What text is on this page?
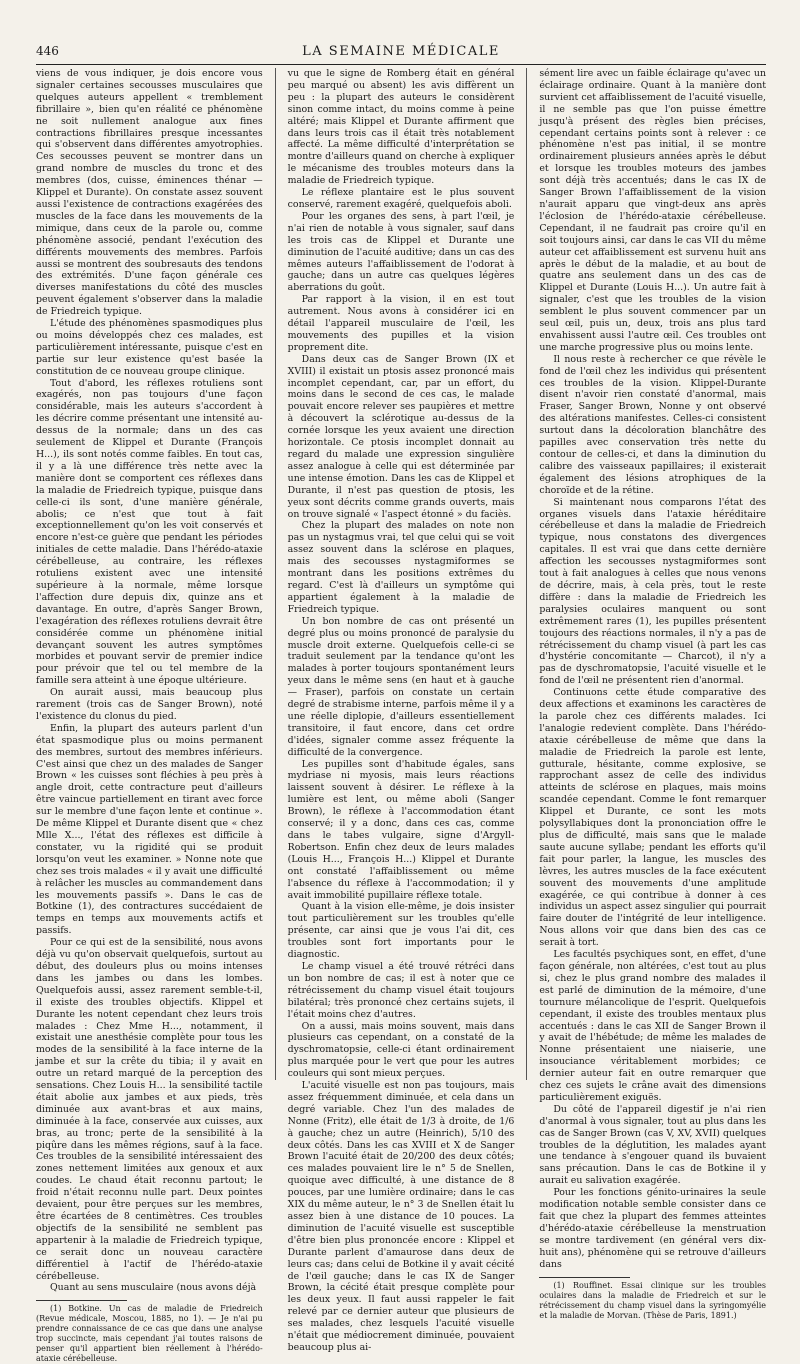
446	LA SEMAINE MÉDICALE

viens de vous indiquer, je dois encore vous signaler certaines secousses musculaires que quelques auteurs appellent « tremblement fibrillaire », bien qu'en réalité ce phénomène ne soit nullement analogue aux fines contractions fibrillaires presque incessantes qui s'observent dans différentes amyotrophies. Ces secousses peuvent se montrer dans un grand nombre de muscles du tronc et des membres (dos, cuisse, éminences thénar — Klippel et Durante). On constate assez souvent aussi l'existence de contractions exagérées des muscles de la face dans les mouvements de la mimique, dans ceux de la parole ou, comme phénomène associé, pendant l'exécution des différents mouvements des membres. Parfois aussi se montrent des soubresauts des tendons des extrémités. D'une façon générale ces diverses manifestations du côté des muscles peuvent également s'observer dans la maladie de Friedreich typique.

L'étude des phénomènes spasmodiques plus ou moins développés chez ces malades, est particulièrement intéressante, puisque c'est en partie sur leur existence qu'est basée la constitution de ce nouveau groupe clinique.

Tout d'abord, les réflexes rotuliens sont exagérés, non pas toujours d'une façon considérable, mais les auteurs s'accordent à les décrire comme présentant une intensité au-dessus de la normale; dans un des cas seulement de Klippel et Durante (François H...), ils sont notés comme faibles. En tout cas, il y a là une différence très nette avec la manière dont se comportent ces réflexes dans la maladie de Friedreich typique, puisque dans celle-ci ils sont, d'une manière générale, abolis; ce n'est que tout à fait exceptionnellement qu'on les voit conservés et encore n'est-ce guère que pendant les périodes initiales de cette maladie. Dans l'hérédo-ataxie cérébelleuse, au contraire, les réflexes rotuliens existent avec une intensité supérieure à la normale, même lorsque l'affection dure depuis dix, quinze ans et davantage. En outre, d'après Sanger Brown, l'exagération des réflexes rotuliens devrait être considérée comme un phénomène initial devançant souvent les autres symptômes morbides et pouvant servir de premier indice pour prévoir que tel ou tel membre de la famille sera atteint à une époque ultérieure.

On aurait aussi, mais beaucoup plus rarement (trois cas de Sanger Brown), noté l'existence du clonus du pied.

Enfin, la plupart des auteurs parlent d'un état spasmodique plus ou moins permanent des membres, surtout des membres inférieurs. C'est ainsi que chez un des malades de Sanger Brown « les cuisses sont fléchies à peu près à angle droit, cette contracture peut d'ailleurs être vaincue partiellement en tirant avec force sur le membre d'une façon lente et continue ». De même Klippel et Durante disent que « chez Mlle X..., l'état des réflexes est difficile à constater, vu la rigidité qui se produit lorsqu'on veut les examiner. » Nonne note que chez ses trois malades « il y avait une difficulté à relâcher les muscles au commandement dans les mouvements passifs ». Dans le cas de Botkine (1), des contractures succédaient de temps en temps aux mouvements actifs et passifs.

Pour ce qui est de la sensibilité, nous avons déjà vu qu'on observait quelquefois, surtout au début, des douleurs plus ou moins intenses dans les jambes ou dans les lombes. Quelquefois aussi, assez rarement semble-t-il, il existe des troubles objectifs. Klippel et Durante les notent cependant chez leurs trois malades : Chez Mme H..., notamment, il existait une anesthésie complète pour tous les modes de la sensibilité à la face interne de la jambe et sur la crête du tibia; il y avait en outre un retard marqué de la perception des sensations. Chez Louis H... la sensibilité tactile était abolie aux jambes et aux pieds, très diminuée aux avant-bras et aux mains, diminuée à la face, conservée aux cuisses, aux bras, au tronc; perte de la sensibilité à la piqûre dans les mêmes régions, sauf à la face. Ces troubles de la sensibilité intéressaient des zones nettement limitées aux genoux et aux coudes. Le chaud était reconnu partout; le froid n'était reconnu nulle part. Deux pointes devaient, pour être perçues sur les membres, être écartées de 8 centimètres. Ces troubles objectifs de la sensibilité ne semblent pas appartenir à la maladie de Friedreich typique, ce serait donc un nouveau caractère différentiel à l'actif de l'hérédo-ataxie cérébelleuse.

Quant au sens musculaire (nous avons déjà

(1) Botkine. Un cas de maladie de Friedreich (Revue médicale, Moscou, 1885, no 1). — Je n'ai pu prendre connaissance de ce cas que dans une analyse trop succincte, mais cependant j'ai toutes raisons de penser qu'il appartient bien réellement à l'hérédo-ataxie cérébelleuse.

vu que le signe de Romberg était en général peu marqué ou absent) les avis diffèrent un peu : la plupart des auteurs le considèrent sinon comme intact, du moins comme à peine altéré; mais Klippel et Durante affirment que dans leurs trois cas il était très notablement affecté. La même difficulté d'interprétation se montre d'ailleurs quand on cherche à expliquer le mécanisme des troubles moteurs dans la maladie de Friedreich typique.

Le réflexe plantaire est le plus souvent conservé, rarement exagéré, quelquefois aboli.

Pour les organes des sens, à part l'œil, je n'ai rien de notable à vous signaler, sauf dans les trois cas de Klippel et Durante une diminution de l'acuité auditive; dans un cas des mêmes auteurs l'affaiblissement de l'odorat à gauche; dans un autre cas quelques légères aberrations du goût.

Par rapport à la vision, il en est tout autrement. Nous avons à considérer ici en détail l'appareil musculaire de l'œil, les mouvements des pupilles et la vision proprement dite.

Dans deux cas de Sanger Brown (IX et XVIII) il existait un ptosis assez prononcé mais incomplet cependant, car, par un effort, du moins dans le second de ces cas, le malade pouvait encore relever ses paupières et mettre à découvert la sclérotique au-dessus de la cornée lorsque les yeux avaient une direction horizontale. Ce ptosis incomplet donnait au regard du malade une expression singulière assez analogue à celle qui est déterminée par une intense émotion. Dans les cas de Klippel et Durante, il n'est pas question de ptosis, les yeux sont décrits comme grands ouverts, mais on trouve signalé « l'aspect étonné » du faciès.

Chez la plupart des malades on note non pas un nystagmus vrai, tel que celui qui se voit assez souvent dans la sclérose en plaques, mais des secousses nystagmiformes se montrant dans les positions extrêmes du regard. C'est là d'ailleurs un symptôme qui appartient également à la maladie de Friedreich typique.

Un bon nombre de cas ont présenté un degré plus ou moins prononcé de paralysie du muscle droit externe. Quelquefois celle-ci se traduit seulement par la tendance qu'ont les malades à porter toujours spontanément leurs yeux dans le même sens (en haut et à gauche — Fraser), parfois on constate un certain degré de strabisme interne, parfois même il y a une réelle diplopie, d'ailleurs essentiellement transitoire, il faut encore, dans cet ordre d'idées, signaler comme assez fréquente la difficulté de la convergence.

Les pupilles sont d'habitude égales, sans mydriase ni myosis, mais leurs réactions laissent souvent à désirer. Le réflexe à la lumière est lent, ou même aboli (Sanger Brown), le réflexe à l'accommodation étant conservé; il y a donc, dans ces cas, comme dans le tabes vulgaire, signe d'Argyll-Robertson. Enfin chez deux de leurs malades (Louis H..., François H...) Klippel et Durante ont constaté l'affaiblissement ou même l'absence du réflexe à l'accommodation; il y avait immobilité pupillaire réflexe totale.

Quant à la vision elle-même, je dois insister tout particulièrement sur les troubles qu'elle présente, car ainsi que je vous l'ai dit, ces troubles sont fort importants pour le diagnostic.

Le champ visuel a été trouvé rétréci dans un bon nombre de cas; il est à noter que ce rétrécissement du champ visuel était toujours bilatéral; très prononcé chez certains sujets, il l'était moins chez d'autres.

On a aussi, mais moins souvent, mais dans plusieurs cas cependant, on a constaté de la dyschromatopsie, celle-ci étant ordinairement plus marquée pour le vert que pour les autres couleurs qui sont mieux perçues.

L'acuité visuelle est non pas toujours, mais assez fréquemment diminuée, et cela dans un degré variable. Chez l'un des malades de Nonne (Fritz), elle était de 1/3 à droite, de 1/6 à gauche; chez un autre (Heinrich), 5/10 des deux côtés. Dans les cas XVIII et X de Sanger Brown l'acuité était de 20/200 des deux côtés; ces malades pouvaient lire le n° 5 de Snellen, quoique avec difficulté, à une distance de 8 pouces, par une lumière ordinaire; dans le cas XIX du même auteur, le n° 3 de Snellen était lu assez bien à une distance de 10 pouces. La diminution de l'acuité visuelle est susceptible d'être bien plus prononcée encore : Klippel et Durante parlent d'amaurose dans deux de leurs cas; dans celui de Botkine il y avait cécité de l'œil gauche; dans le cas IX de Sanger Brown, la cécité était presque complète pour les deux yeux. Il faut aussi rappeler le fait relevé par ce dernier auteur que plusieurs de ses malades, chez lesquels l'acuité visuelle n'était que médiocrement diminuée, pouvaient beaucoup plus ai-

sément lire avec un faible éclairage qu'avec un éclairage ordinaire. Quant à la manière dont survient cet affaiblissement de l'acuité visuelle, il ne semble pas que l'on puisse émettre jusqu'à présent des règles bien précises, cependant certains points sont à relever : ce phénomène n'est pas initial, il se montre ordinairement plusieurs années après le début et lorsque les troubles moteurs des jambes sont déjà très accentués; dans le cas IX de Sanger Brown l'affaiblissement de la vision n'aurait apparu que vingt-deux ans après l'éclosion de l'hérédo-ataxie cérébelleuse. Cependant, il ne faudrait pas croire qu'il en soit toujours ainsi, car dans le cas VII du même auteur cet affaiblissement est survenu huit ans après le début de la maladie, et au bout de quatre ans seulement dans un des cas de Klippel et Durante (Louis H...). Un autre fait à signaler, c'est que les troubles de la vision semblent le plus souvent commencer par un seul œil, puis un, deux, trois ans plus tard envahissent aussi l'autre œil. Ces troubles ont une marche progressive plus ou moins lente.

Il nous reste à rechercher ce que révèle le fond de l'œil chez les individus qui présentent ces troubles de la vision. Klippel-Durante disent n'avoir rien constaté d'anormal, mais Fraser, Sanger Brown, Nonne y ont observé des altérations manifestes. Celles-ci consistent surtout dans la décoloration blanchâtre des papilles avec conservation très nette du contour de celles-ci, et dans la diminution du calibre des vaisseaux papillaires; il existerait également des lésions atrophiques de la choroïde et de la rétine.

Si maintenant nous comparons l'état des organes visuels dans l'ataxie héréditaire cérébelleuse et dans la maladie de Friedreich typique, nous constatons des divergences capitales. Il est vrai que dans cette dernière affection les secousses nystagmiformes sont tout à fait analogues à celles que nous venons de décrire, mais, à cela près, tout le reste diffère : dans la maladie de Friedreich les paralysies oculaires manquent ou sont extrêmement rares (1), les pupilles présentent toujours des réactions normales, il n'y a pas de rétrécissement du champ visuel (à part les cas d'hystérie concomitante — Charcot), il n'y a pas de dyschromatopsie, l'acuité visuelle et le fond de l'œil ne présentent rien d'anormal.

Continuons cette étude comparative des deux affections et examinons les caractères de la parole chez ces différents malades. Ici l'analogie redevient complète. Dans l'hérédo-ataxie cérébelleuse de même que dans la maladie de Friedreich la parole est lente, gutturale, hésitante, comme explosive, se rapprochant assez de celle des individus atteints de sclérose en plaques, mais moins scandée cependant. Comme le font remarquer Klippel et Durante, ce sont les mots polysyllabiques dont la prononciation offre le plus de difficulté, mais sans que le malade saute aucune syllabe; pendant les efforts qu'il fait pour parler, la langue, les muscles des lèvres, les autres muscles de la face exécutent souvent des mouvements d'une amplitude exagérée, ce qui contribue à donner à ces individus un aspect assez singulier qui pourrait faire douter de l'intégrité de leur intelligence. Nous allons voir que dans bien des cas ce serait à tort.

Les facultés psychiques sont, en effet, d'une façon générale, non altérées, c'est tout au plus si, chez le plus grand nombre des malades il est parlé de diminution de la mémoire, d'une tournure mélancolique de l'esprit. Quelquefois cependant, il existe des troubles mentaux plus accentués : dans le cas XII de Sanger Brown il y avait de l'hébétude; de même les malades de Nonne présentaient une niaiserie, une insouciance véritablement morbides; ce dernier auteur fait en outre remarquer que chez ces sujets le crâne avait des dimensions particulièrement exiguës.

Du côté de l'appareil digestif je n'ai rien d'anormal à vous signaler, tout au plus dans les cas de Sanger Brown (cas V, XV, XVII) quelques troubles de la déglutition, les malades ayant une tendance à s'engouer quand ils buvaient sans précaution. Dans le cas de Botkine il y aurait eu salivation exagérée.

Pour les fonctions génito-urinaires la seule modification notable semble consister dans ce fait que chez la plupart des femmes atteintes d'hérédo-ataxie cérébelleuse la menstruation se montre tardivement (en général vers dix-huit ans), phénomène qui se retrouve d'ailleurs dans

(1) Rouffinet. Essai clinique sur les troubles oculaires dans la maladie de Friedreich et sur le rétrécissement du champ visuel dans la syringomyélie et la maladie de Morvan. (Thèse de Paris, 1891.)
